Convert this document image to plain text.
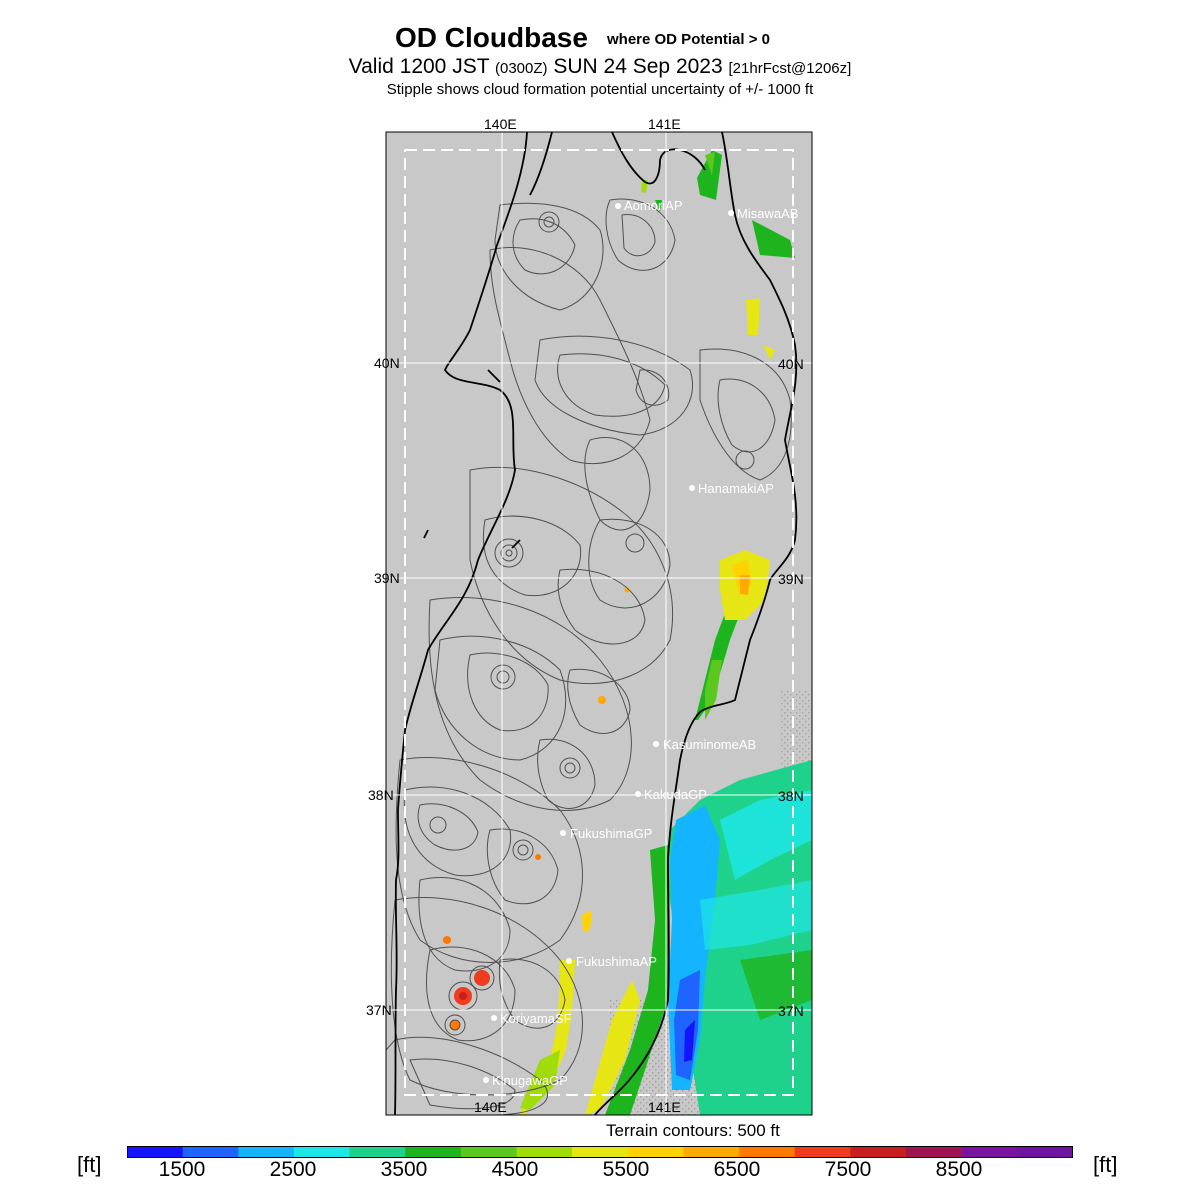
OD Cloudbase where OD Potential > 0
Valid 1200 JST (0300Z) SUN 24 Sep 2023 [21hrFcst@1206z]
Stipple shows cloud formation potential uncertainty of +/- 1000 ft
140E	141E
140E	141E
40N
39N
38N
37N
40N
39N
38N
37N
AomoriAP
MisawaAB
HanamakiAP
KasuminomeAB
KakudaGP
FukushimaGP
FukushimaAP
KoriyamaSF
KinugawaGP
Terrain contours: 500 ft
[ft]	[ft]
1500	2500	3500	4500	5500	6500	7500	8500
